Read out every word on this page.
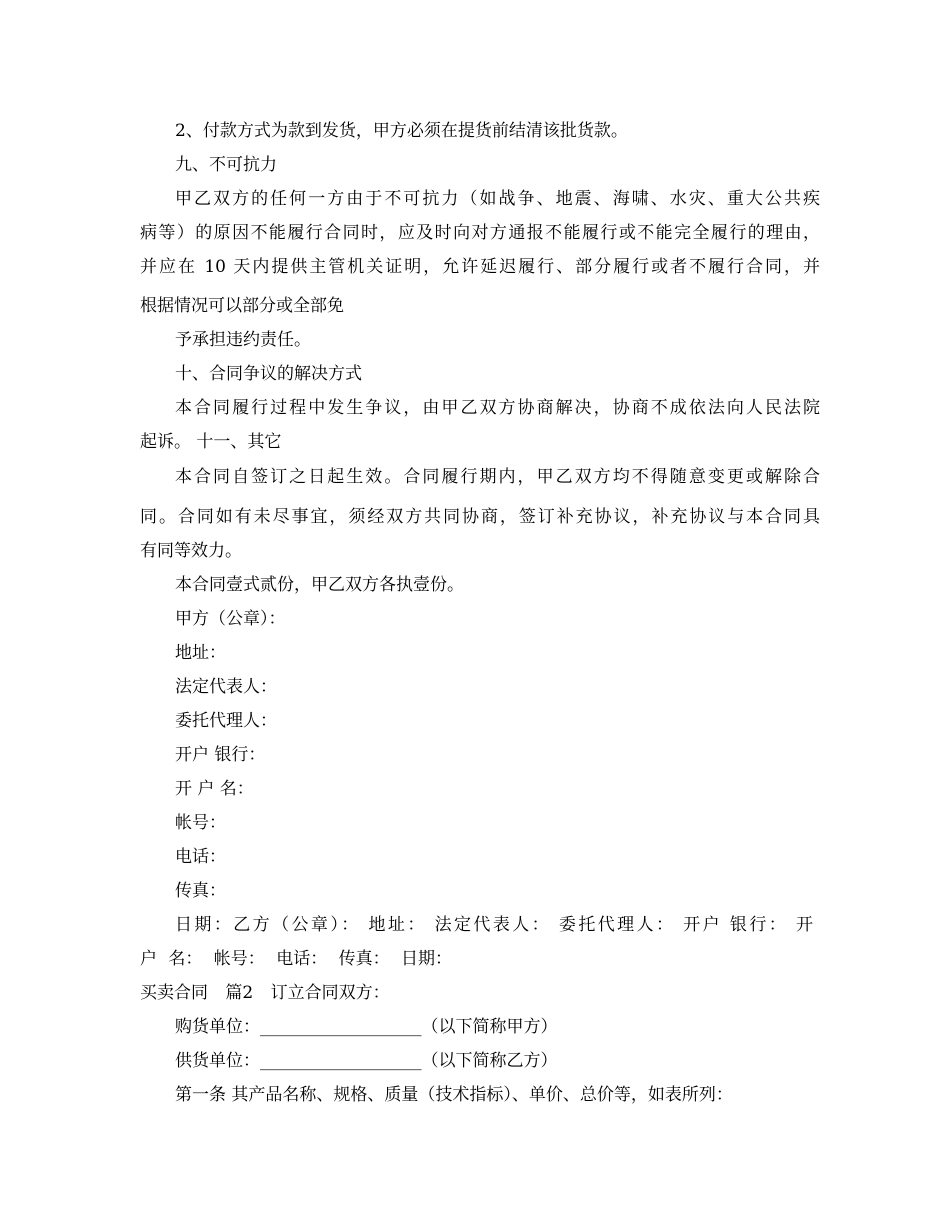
2、付款方式为款到发货，甲方必须在提货前结清该批货款。
九、不可抗力
甲乙双方的任何一方由于不可抗力（如战争、地震、海啸、水灾、重大公共疾
病等）的原因不能履行合同时，应及时向对方通报不能履行或不能完全履行的理由，
并应在 10 天内提供主管机关证明，允许延迟履行、部分履行或者不履行合同，并
根据情况可以部分或全部免
予承担违约责任。
十、合同争议的解决方式
本合同履行过程中发生争议，由甲乙双方协商解决，协商不成依法向人民法院
起诉。 十一、其它
本合同自签订之日起生效。合同履行期内，甲乙双方均不得随意变更或解除合
同。合同如有未尽事宜，须经双方共同协商，签订补充协议，补充协议与本合同具
有同等效力。
本合同壹式贰份，甲乙双方各执壹份。
甲方（公章）：
地址：
法定代表人：
委托代理人：
开户 银行：
开 户 名：
帐号：
电话：
传真：
日期：乙方（公章）： 地址： 法定代表人： 委托代理人： 开户 银行： 开
户 名： 帐号： 电话： 传真： 日期：
买卖合同 篇2 订立合同双方：
购货单位：___________________（以下简称甲方）
供货单位：___________________（以下简称乙方）
第一条 其产品名称、规格、质量（技术指标）、单价、总价等，如表所列：
